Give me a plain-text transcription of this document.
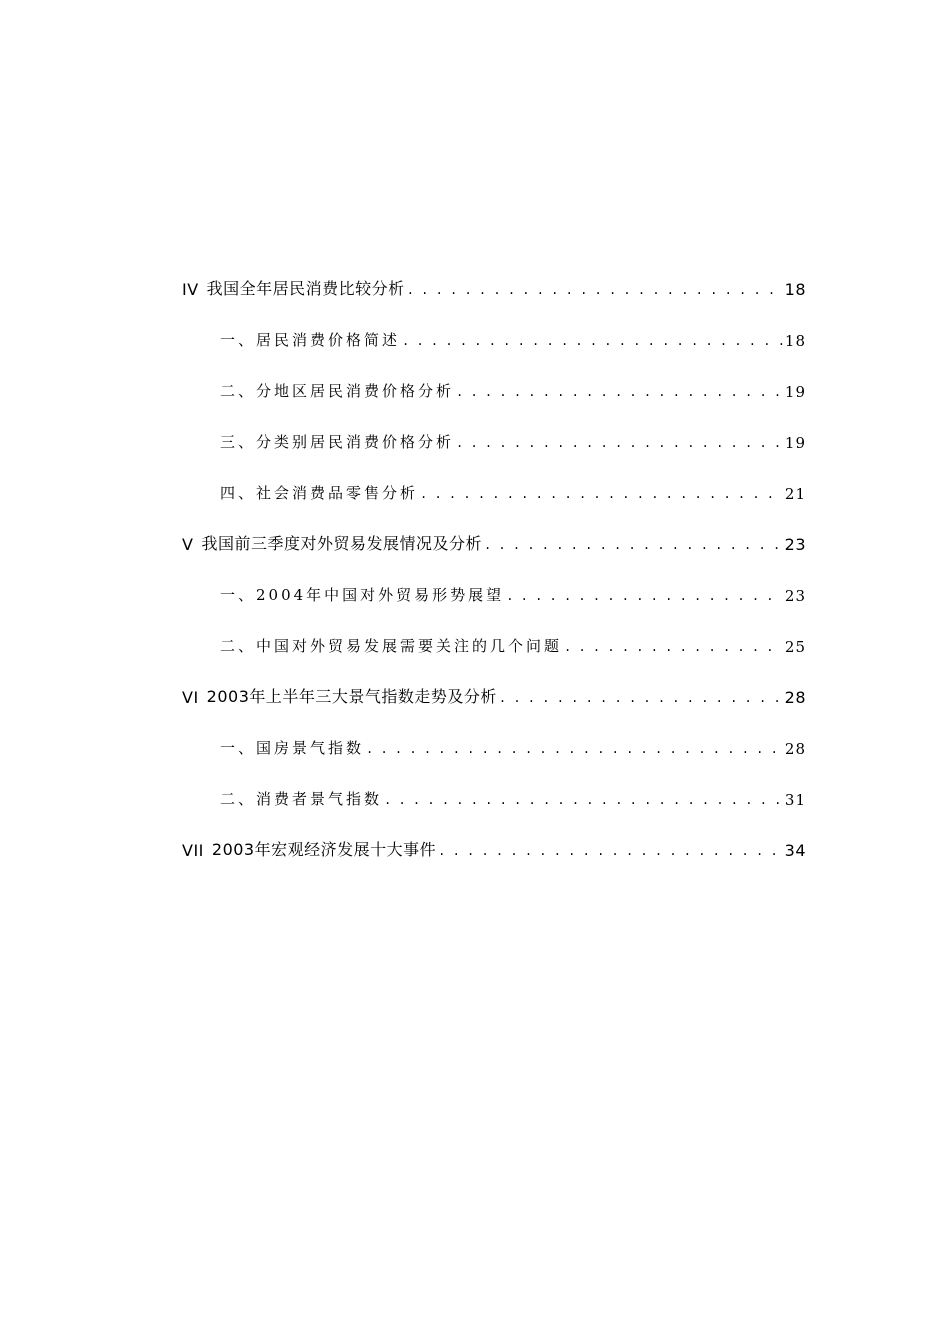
IV 我国全年居民消费比较分析 . . .	18
一、居民消费价格简述 . . .	18
二、分地区居民消费价格分析 . . .	19
三、分类别居民消费价格分析 . . .	19
四、社会消费品零售分析 . . .	21
V 我国前三季度对外贸易发展情况及分析 . . .	23
一、2004年中国对外贸易形势展望 . . .	23
二、中国对外贸易发展需要关注的几个问题 . . .	25
VI 2003年上半年三大景气指数走势及分析 . . .	28
一、国房景气指数 . . .	28
二、消费者景气指数 . . .	31
VII 2003年宏观经济发展十大事件 . . .	34
